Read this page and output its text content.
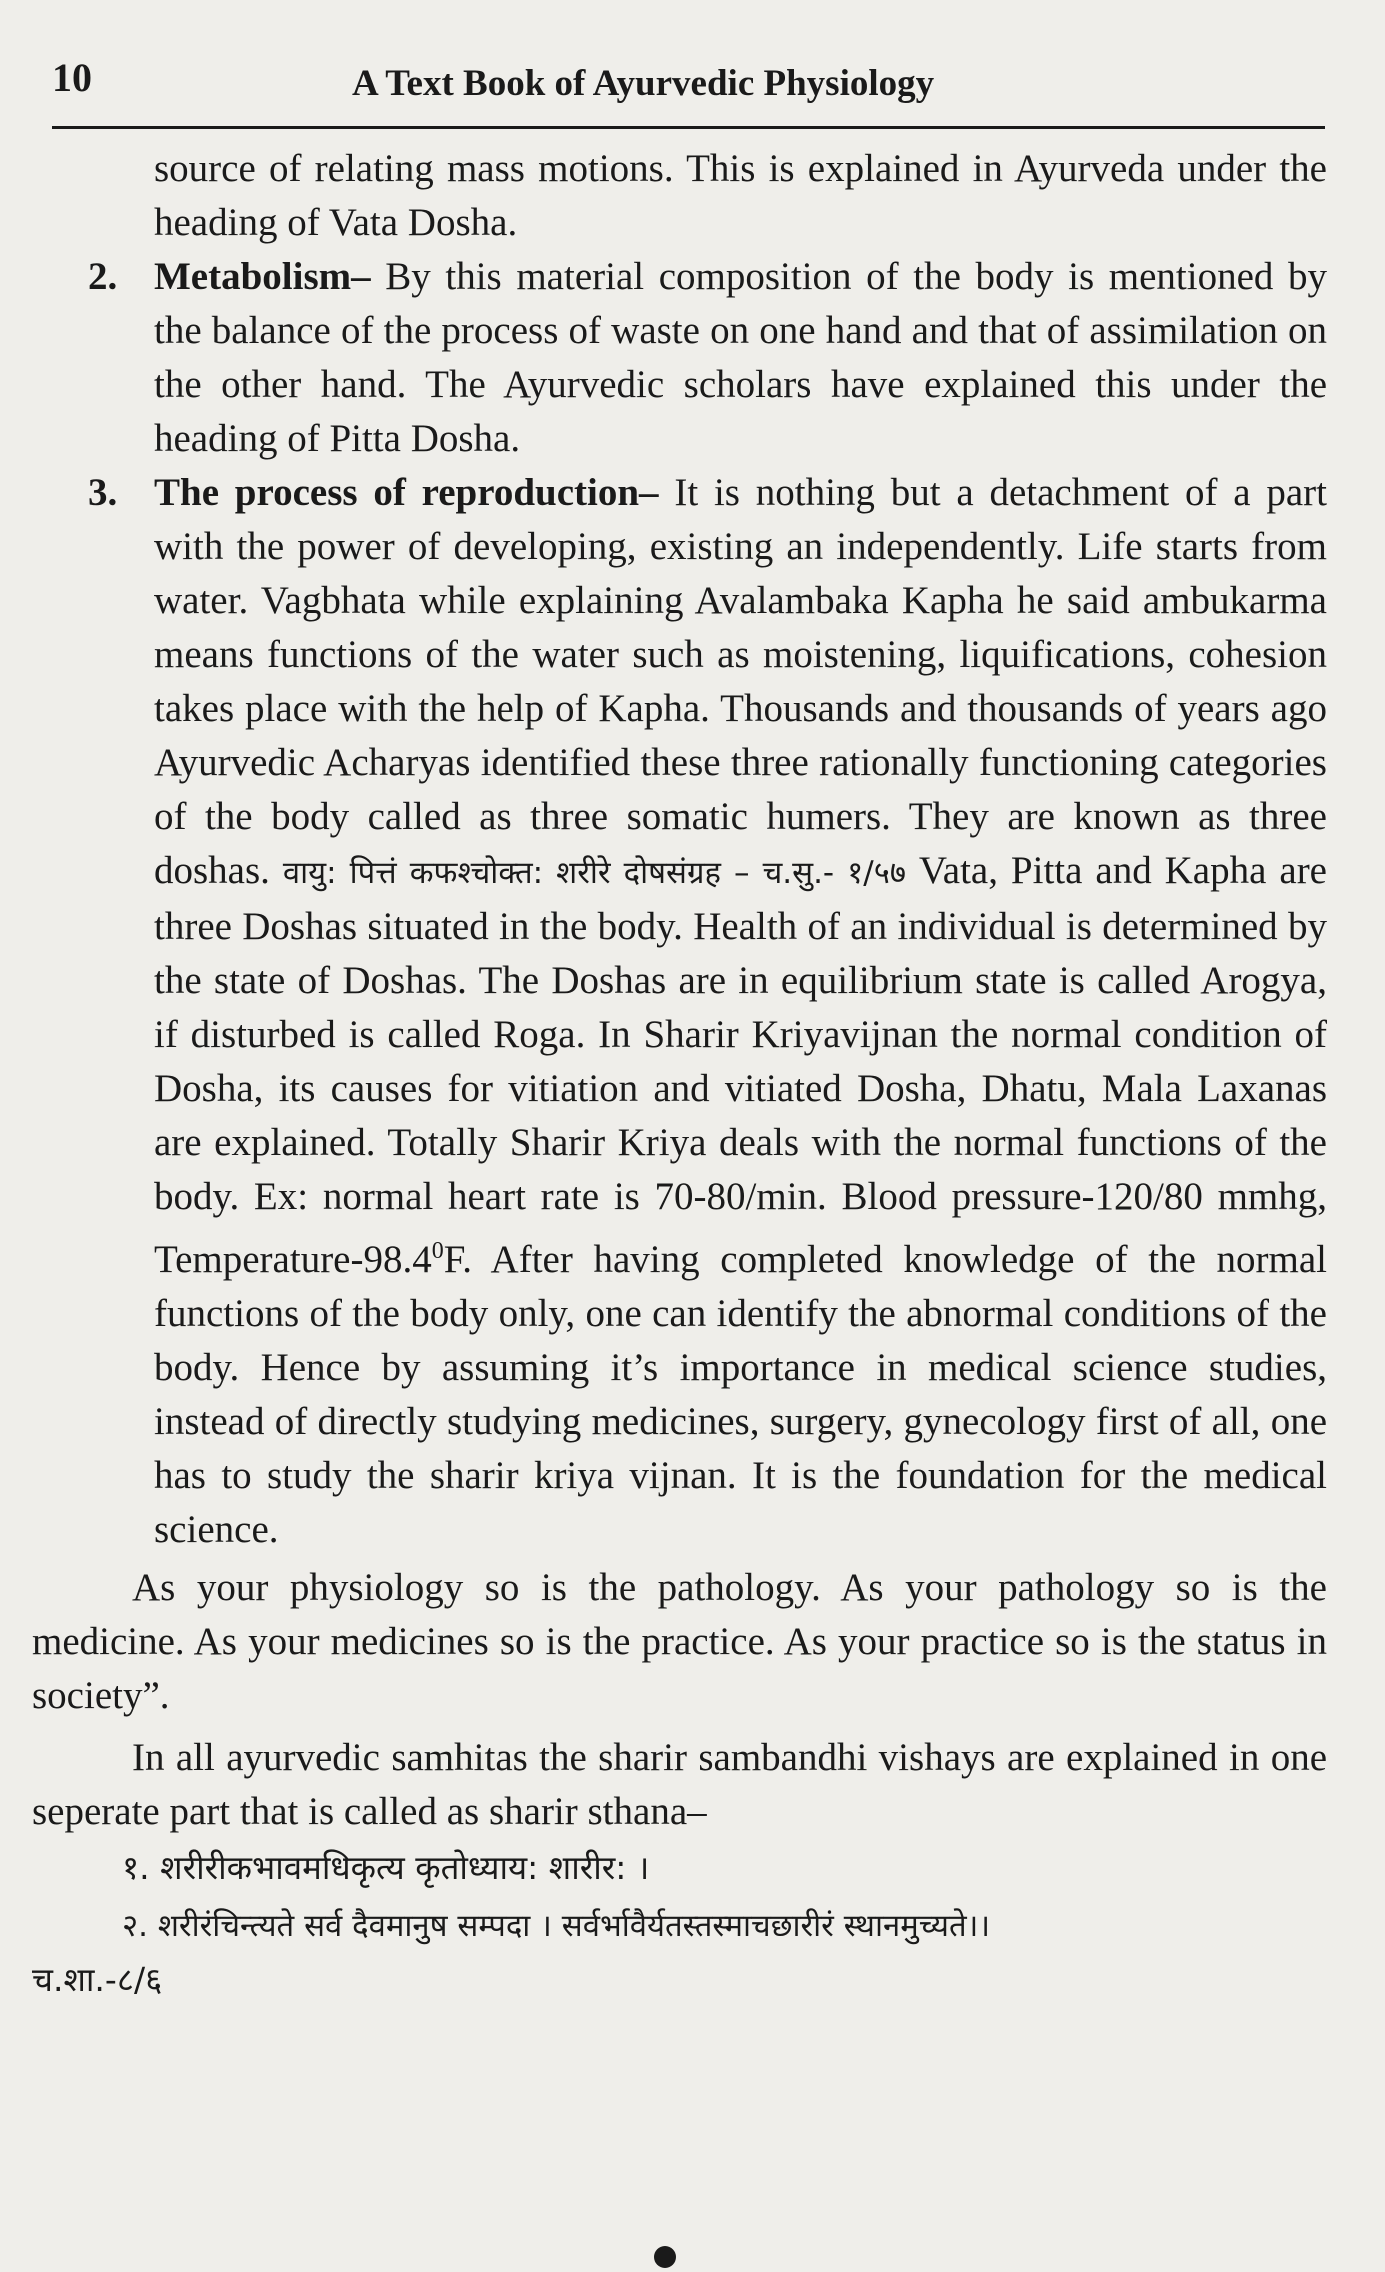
10	A Text Book of Ayurvedic Physiology

source of relating mass motions. This is explained in Ayurveda under the heading of Vata Dosha.

2. Metabolism– By this material composition of the body is mentioned by the balance of the process of waste on one hand and that of assimilation on the other hand. The Ayurvedic scholars have explained this under the heading of Pitta Dosha.

3. The process of reproduction– It is nothing but a detachment of a part with the power of developing, existing an independently. Life starts from water. Vagbhata while explaining Avalambaka Kapha he said ambukarma means functions of the water such as moistening, liquifications, cohesion takes place with the help of Kapha. Thousands and thousands of years ago Ayurvedic Acharyas identified these three rationally functioning categories of the body called as three somatic humers. They are known as three doshas. वायु: पित्तं कफश्चोक्त: शरीरे दोषसंग्रह – च.सु.- १/५७ Vata, Pitta and Kapha are three Doshas situated in the body. Health of an individual is determined by the state of Doshas. The Doshas are in equilibrium state is called Arogya, if disturbed is called Roga. In Sharir Kriyavijnan the normal condition of Dosha, its causes for vitiation and vitiated Dosha, Dhatu, Mala Laxanas are explained. Totally Sharir Kriya deals with the normal functions of the body. Ex: normal heart rate is 70-80/min. Blood pressure-120/80 mmhg, Temperature-98.4$^0$F. After having completed knowledge of the normal functions of the body only, one can identify the abnormal conditions of the body. Hence by assuming it’s importance in medical science studies, instead of directly studying medicines, surgery, gynecology first of all, one has to study the sharir kriya vijnan. It is the foundation for the medical science.

As your physiology so is the pathology. As your pathology so is the medicine. As your medicines so is the practice. As your practice so is the status in society”.

In all ayurvedic samhitas the sharir sambandhi vishays are explained in one seperate part that is called as sharir sthana–

१. शरीरीकभावमधिकृत्य कृतोध्याय: शारीर: ।

२. शरीरंचिन्त्यते सर्व दैवमानुष सम्पदा । सर्वर्भावैर्यतस्तस्माचछारीरं स्थानमुच्यते।।

च.शा.-८/६
